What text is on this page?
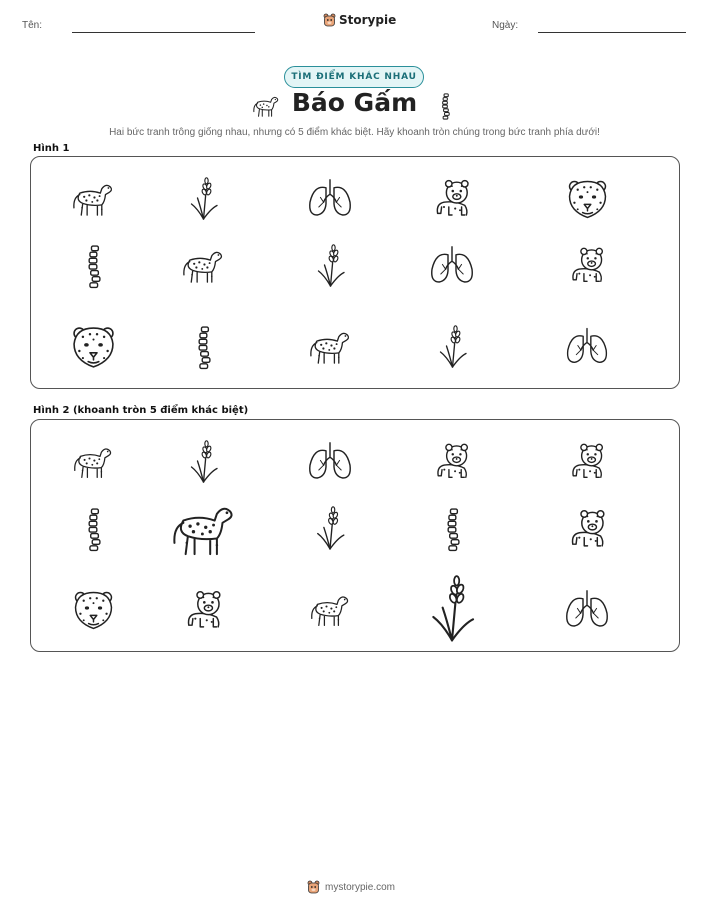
Tên:	Storypie	Ngày:
TÌM ĐIỂM KHÁC NHAU
Báo Gấm
Hai bức tranh trông giống nhau, nhưng có 5 điểm khác biệt. Hãy khoanh tròn chúng trong bức tranh phía dưới!
Hình 1
Hình 2 (khoanh tròn 5 điểm khác biệt)
mystorypie.com
